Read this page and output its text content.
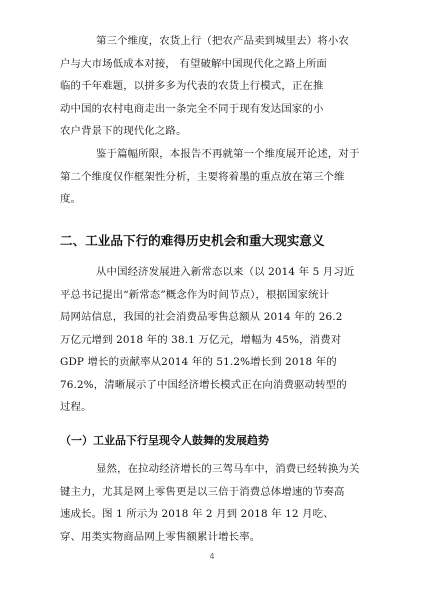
第三个维度，农货上行（把农产品卖到城里去）将小农
户与大市场低成本对接， 有望破解中国现代化之路上所面
临的千年难题，以拼多多为代表的农货上行模式，正在推
动中国的农村电商走出一条完全不同于现有发达国家的小
农户背景下的现代化之路。

鉴于篇幅所限，本报告不再就第一个维度展开论述，对于
第二个维度仅作框架性分析，主要将着墨的重点放在第三个维
度。

二、工业品下行的难得历史机会和重大现实意义

从中国经济发展进入新常态以来（以 2014 年 5 月习近
平总书记提出“新常态”概念作为时间节点），根据国家统计
局网站信息，我国的社会消费品零售总额从 2014 年的 26.2
万亿元增到 2018 年的 38.1 万亿元，增幅为 45%，消费对
GDP 增长的贡献率从2014 年的 51.2%增长到 2018 年的
76.2%，清晰展示了中国经济增长模式正在向消费驱动转型的
过程。

（一）工业品下行呈现令人鼓舞的发展趋势

显然，在拉动经济增长的三驾马车中，消费已经转换为关
键主力，尤其是网上零售更是以三倍于消费总体增速的节奏高
速成长。图 1 所示为 2018 年 2 月到 2018 年 12 月吃、
穿、用类实物商品网上零售额累计增长率。

4
